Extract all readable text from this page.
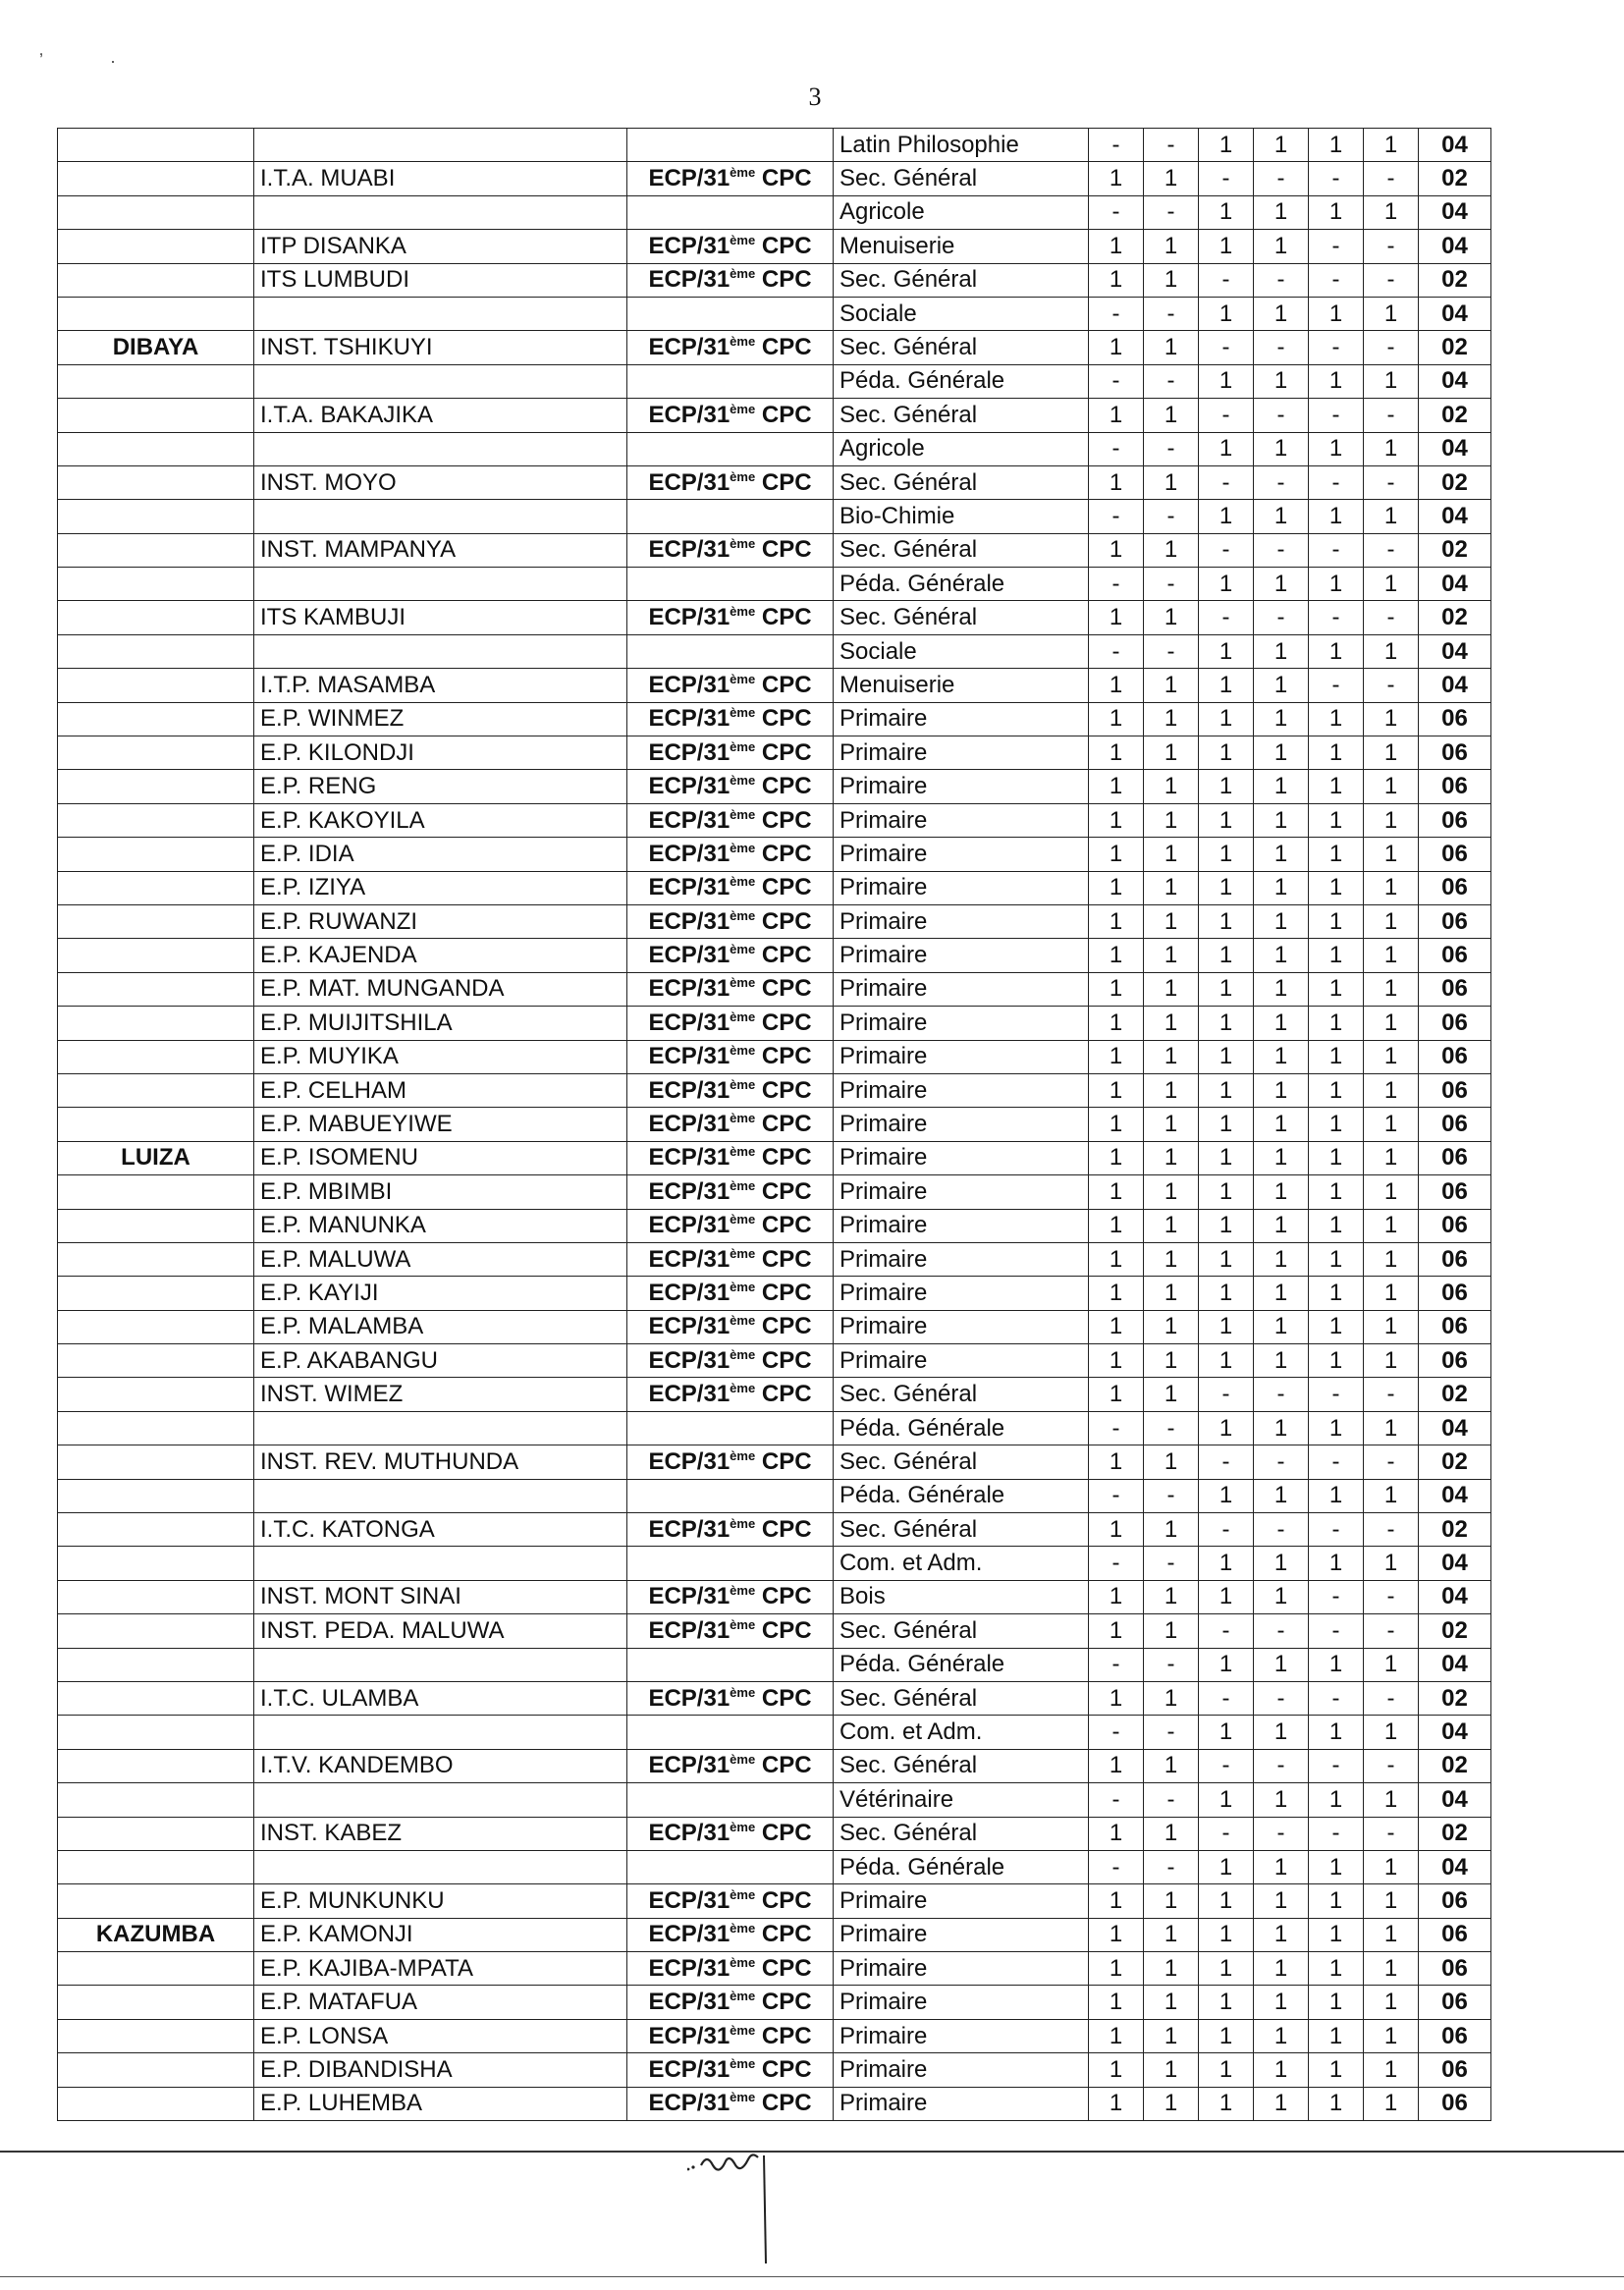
3
‚
·
			Latin Philosophie	-	-	1	1	1	1	04
	I.T.A. MUABI	ECP/31ème CPC	Sec. Général	1	1	-	-	-	-	02
			Agricole	-	-	1	1	1	1	04
	ITP DISANKA	ECP/31ème CPC	Menuiserie	1	1	1	1	-	-	04
	ITS LUMBUDI	ECP/31ème CPC	Sec. Général	1	1	-	-	-	-	02
			Sociale	-	-	1	1	1	1	04
DIBAYA	INST. TSHIKUYI	ECP/31ème CPC	Sec. Général	1	1	-	-	-	-	02
			Péda. Générale	-	-	1	1	1	1	04
	I.T.A. BAKAJIKA	ECP/31ème CPC	Sec. Général	1	1	-	-	-	-	02
			Agricole	-	-	1	1	1	1	04
	INST. MOYO	ECP/31ème CPC	Sec. Général	1	1	-	-	-	-	02
			Bio-Chimie	-	-	1	1	1	1	04
	INST. MAMPANYA	ECP/31ème CPC	Sec. Général	1	1	-	-	-	-	02
			Péda. Générale	-	-	1	1	1	1	04
	ITS KAMBUJI	ECP/31ème CPC	Sec. Général	1	1	-	-	-	-	02
			Sociale	-	-	1	1	1	1	04
	I.T.P. MASAMBA	ECP/31ème CPC	Menuiserie	1	1	1	1	-	-	04
	E.P. WINMEZ	ECP/31ème CPC	Primaire	1	1	1	1	1	1	06
	E.P. KILONDJI	ECP/31ème CPC	Primaire	1	1	1	1	1	1	06
	E.P. RENG	ECP/31ème CPC	Primaire	1	1	1	1	1	1	06
	E.P. KAKOYILA	ECP/31ème CPC	Primaire	1	1	1	1	1	1	06
	E.P. IDIA	ECP/31ème CPC	Primaire	1	1	1	1	1	1	06
	E.P. IZIYA	ECP/31ème CPC	Primaire	1	1	1	1	1	1	06
	E.P. RUWANZI	ECP/31ème CPC	Primaire	1	1	1	1	1	1	06
	E.P. KAJENDA	ECP/31ème CPC	Primaire	1	1	1	1	1	1	06
	E.P. MAT. MUNGANDA	ECP/31ème CPC	Primaire	1	1	1	1	1	1	06
	E.P. MUIJITSHILA	ECP/31ème CPC	Primaire	1	1	1	1	1	1	06
	E.P. MUYIKA	ECP/31ème CPC	Primaire	1	1	1	1	1	1	06
	E.P. CELHAM	ECP/31ème CPC	Primaire	1	1	1	1	1	1	06
	E.P. MABUEYIWE	ECP/31ème CPC	Primaire	1	1	1	1	1	1	06
LUIZA	E.P. ISOMENU	ECP/31ème CPC	Primaire	1	1	1	1	1	1	06
	E.P. MBIMBI	ECP/31ème CPC	Primaire	1	1	1	1	1	1	06
	E.P. MANUNKA	ECP/31ème CPC	Primaire	1	1	1	1	1	1	06
	E.P. MALUWA	ECP/31ème CPC	Primaire	1	1	1	1	1	1	06
	E.P. KAYIJI	ECP/31ème CPC	Primaire	1	1	1	1	1	1	06
	E.P. MALAMBA	ECP/31ème CPC	Primaire	1	1	1	1	1	1	06
	E.P. AKABANGU	ECP/31ème CPC	Primaire	1	1	1	1	1	1	06
	INST. WIMEZ	ECP/31ème CPC	Sec. Général	1	1	-	-	-	-	02
			Péda. Générale	-	-	1	1	1	1	04
	INST. REV. MUTHUNDA	ECP/31ème CPC	Sec. Général	1	1	-	-	-	-	02
			Péda. Générale	-	-	1	1	1	1	04
	I.T.C. KATONGA	ECP/31ème CPC	Sec. Général	1	1	-	-	-	-	02
			Com. et Adm.	-	-	1	1	1	1	04
	INST. MONT SINAI	ECP/31ème CPC	Bois	1	1	1	1	-	-	04
	INST. PEDA. MALUWA	ECP/31ème CPC	Sec. Général	1	1	-	-	-	-	02
			Péda. Générale	-	-	1	1	1	1	04
	I.T.C. ULAMBA	ECP/31ème CPC	Sec. Général	1	1	-	-	-	-	02
			Com. et Adm.	-	-	1	1	1	1	04
	I.T.V. KANDEMBO	ECP/31ème CPC	Sec. Général	1	1	-	-	-	-	02
			Vétérinaire	-	-	1	1	1	1	04
	INST. KABEZ	ECP/31ème CPC	Sec. Général	1	1	-	-	-	-	02
			Péda. Générale	-	-	1	1	1	1	04
	E.P. MUNKUNKU	ECP/31ème CPC	Primaire	1	1	1	1	1	1	06
KAZUMBA	E.P. KAMONJI	ECP/31ème CPC	Primaire	1	1	1	1	1	1	06
	E.P. KAJIBA-MPATA	ECP/31ème CPC	Primaire	1	1	1	1	1	1	06
	E.P. MATAFUA	ECP/31ème CPC	Primaire	1	1	1	1	1	1	06
	E.P. LONSA	ECP/31ème CPC	Primaire	1	1	1	1	1	1	06
	E.P. DIBANDISHA	ECP/31ème CPC	Primaire	1	1	1	1	1	1	06
	E.P. LUHEMBA	ECP/31ème CPC	Primaire	1	1	1	1	1	1	06
